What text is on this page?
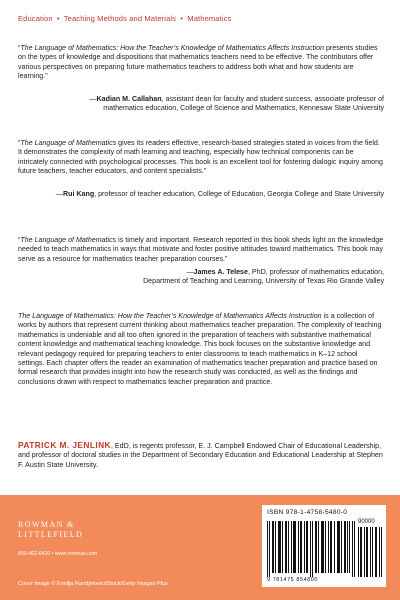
Education • Teaching Methods and Materials • Mathematics

“The Language of Mathematics: How the Teacher’s Knowledge of Mathematics Affects Instruction presents studies on the types of knowledge and dispositions that mathematics teachers need to be effective. The contributors offer various perspectives on preparing future mathematics teachers to address both what and how students are learning.”

—Kadian M. Callahan, assistant dean for faculty and student success, associate professor of
mathematics education, College of Science and Mathematics, Kennesaw State University

“The Language of Mathematics gives its readers effective, research-based strategies stated in voices from the field. It demonstrates the complexity of math learning and teaching, especially how technical components can be intricately connected with psychological processes. This book is an excellent tool for fostering dialogic inquiry among future teachers, teacher educators, and content specialists.”

—Rui Kang, professor of teacher education, College of Education, Georgia College and State University

“The Language of Mathematics is timely and important. Research reported in this book sheds light on the knowledge needed to teach mathematics in ways that motivate and foster positive attitudes toward mathematics. This book may serve as a resource for mathematics teacher preparation courses.”

—James A. Telese, PhD, professor of mathematics education,
Department of Teaching and Learning, University of Texas Rio Grande Valley

The Language of Mathematics: How the Teacher’s Knowledge of Mathematics Affects Instruction is a collection of works by authors that represent current thinking about mathematics teacher preparation. The complexity of teaching mathematics is undeniable and all too often ignored in the preparation of teachers with substantive mathematical content knowledge and mathematical teaching knowledge. This book focuses on the substantive knowledge and relevant pedagogy required for preparing teachers to enter classrooms to teach mathematics in K–12 school settings. Each chapter offers the reader an examination of mathematics teacher preparation and practice based on formal research that provides insight into how the research study was conducted, as well as the findings and conclusions drawn with respect to mathematics teacher preparation and practice.

PATRICK M. JENLINK, EdD, is regents professor, E. J. Campbell Endowed Chair of Educational Leadership, and professor of doctoral studies in the Department of Secondary Education and Educational Leadership at Stephen F. Austin State University.

ROWMAN &
LITTLEFIELD
800-462-6420 • www.rowman.com
Cover image © Emilija Randjelovic/iStock/Getty Images Plus
ISBN 978-1-4758-5480-0
90000
9 781475 854800
